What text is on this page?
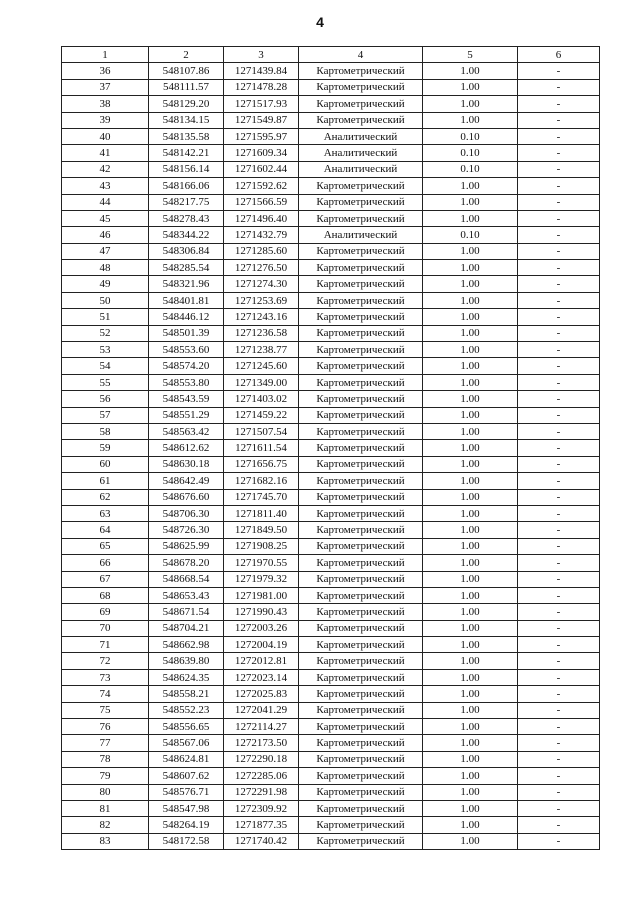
4
1	2	3	4	5	6
36	548107.86	1271439.84	Картометрический	1.00	-
37	548111.57	1271478.28	Картометрический	1.00	-
38	548129.20	1271517.93	Картометрический	1.00	-
39	548134.15	1271549.87	Картометрический	1.00	-
40	548135.58	1271595.97	Аналитический	0.10	-
41	548142.21	1271609.34	Аналитический	0.10	-
42	548156.14	1271602.44	Аналитический	0.10	-
43	548166.06	1271592.62	Картометрический	1.00	-
44	548217.75	1271566.59	Картометрический	1.00	-
45	548278.43	1271496.40	Картометрический	1.00	-
46	548344.22	1271432.79	Аналитический	0.10	-
47	548306.84	1271285.60	Картометрический	1.00	-
48	548285.54	1271276.50	Картометрический	1.00	-
49	548321.96	1271274.30	Картометрический	1.00	-
50	548401.81	1271253.69	Картометрический	1.00	-
51	548446.12	1271243.16	Картометрический	1.00	-
52	548501.39	1271236.58	Картометрический	1.00	-
53	548553.60	1271238.77	Картометрический	1.00	-
54	548574.20	1271245.60	Картометрический	1.00	-
55	548553.80	1271349.00	Картометрический	1.00	-
56	548543.59	1271403.02	Картометрический	1.00	-
57	548551.29	1271459.22	Картометрический	1.00	-
58	548563.42	1271507.54	Картометрический	1.00	-
59	548612.62	1271611.54	Картометрический	1.00	-
60	548630.18	1271656.75	Картометрический	1.00	-
61	548642.49	1271682.16	Картометрический	1.00	-
62	548676.60	1271745.70	Картометрический	1.00	-
63	548706.30	1271811.40	Картометрический	1.00	-
64	548726.30	1271849.50	Картометрический	1.00	-
65	548625.99	1271908.25	Картометрический	1.00	-
66	548678.20	1271970.55	Картометрический	1.00	-
67	548668.54	1271979.32	Картометрический	1.00	-
68	548653.43	1271981.00	Картометрический	1.00	-
69	548671.54	1271990.43	Картометрический	1.00	-
70	548704.21	1272003.26	Картометрический	1.00	-
71	548662.98	1272004.19	Картометрический	1.00	-
72	548639.80	1272012.81	Картометрический	1.00	-
73	548624.35	1272023.14	Картометрический	1.00	-
74	548558.21	1272025.83	Картометрический	1.00	-
75	548552.23	1272041.29	Картометрический	1.00	-
76	548556.65	1272114.27	Картометрический	1.00	-
77	548567.06	1272173.50	Картометрический	1.00	-
78	548624.81	1272290.18	Картометрический	1.00	-
79	548607.62	1272285.06	Картометрический	1.00	-
80	548576.71	1272291.98	Картометрический	1.00	-
81	548547.98	1272309.92	Картометрический	1.00	-
82	548264.19	1271877.35	Картометрический	1.00	-
83	548172.58	1271740.42	Картометрический	1.00	-
